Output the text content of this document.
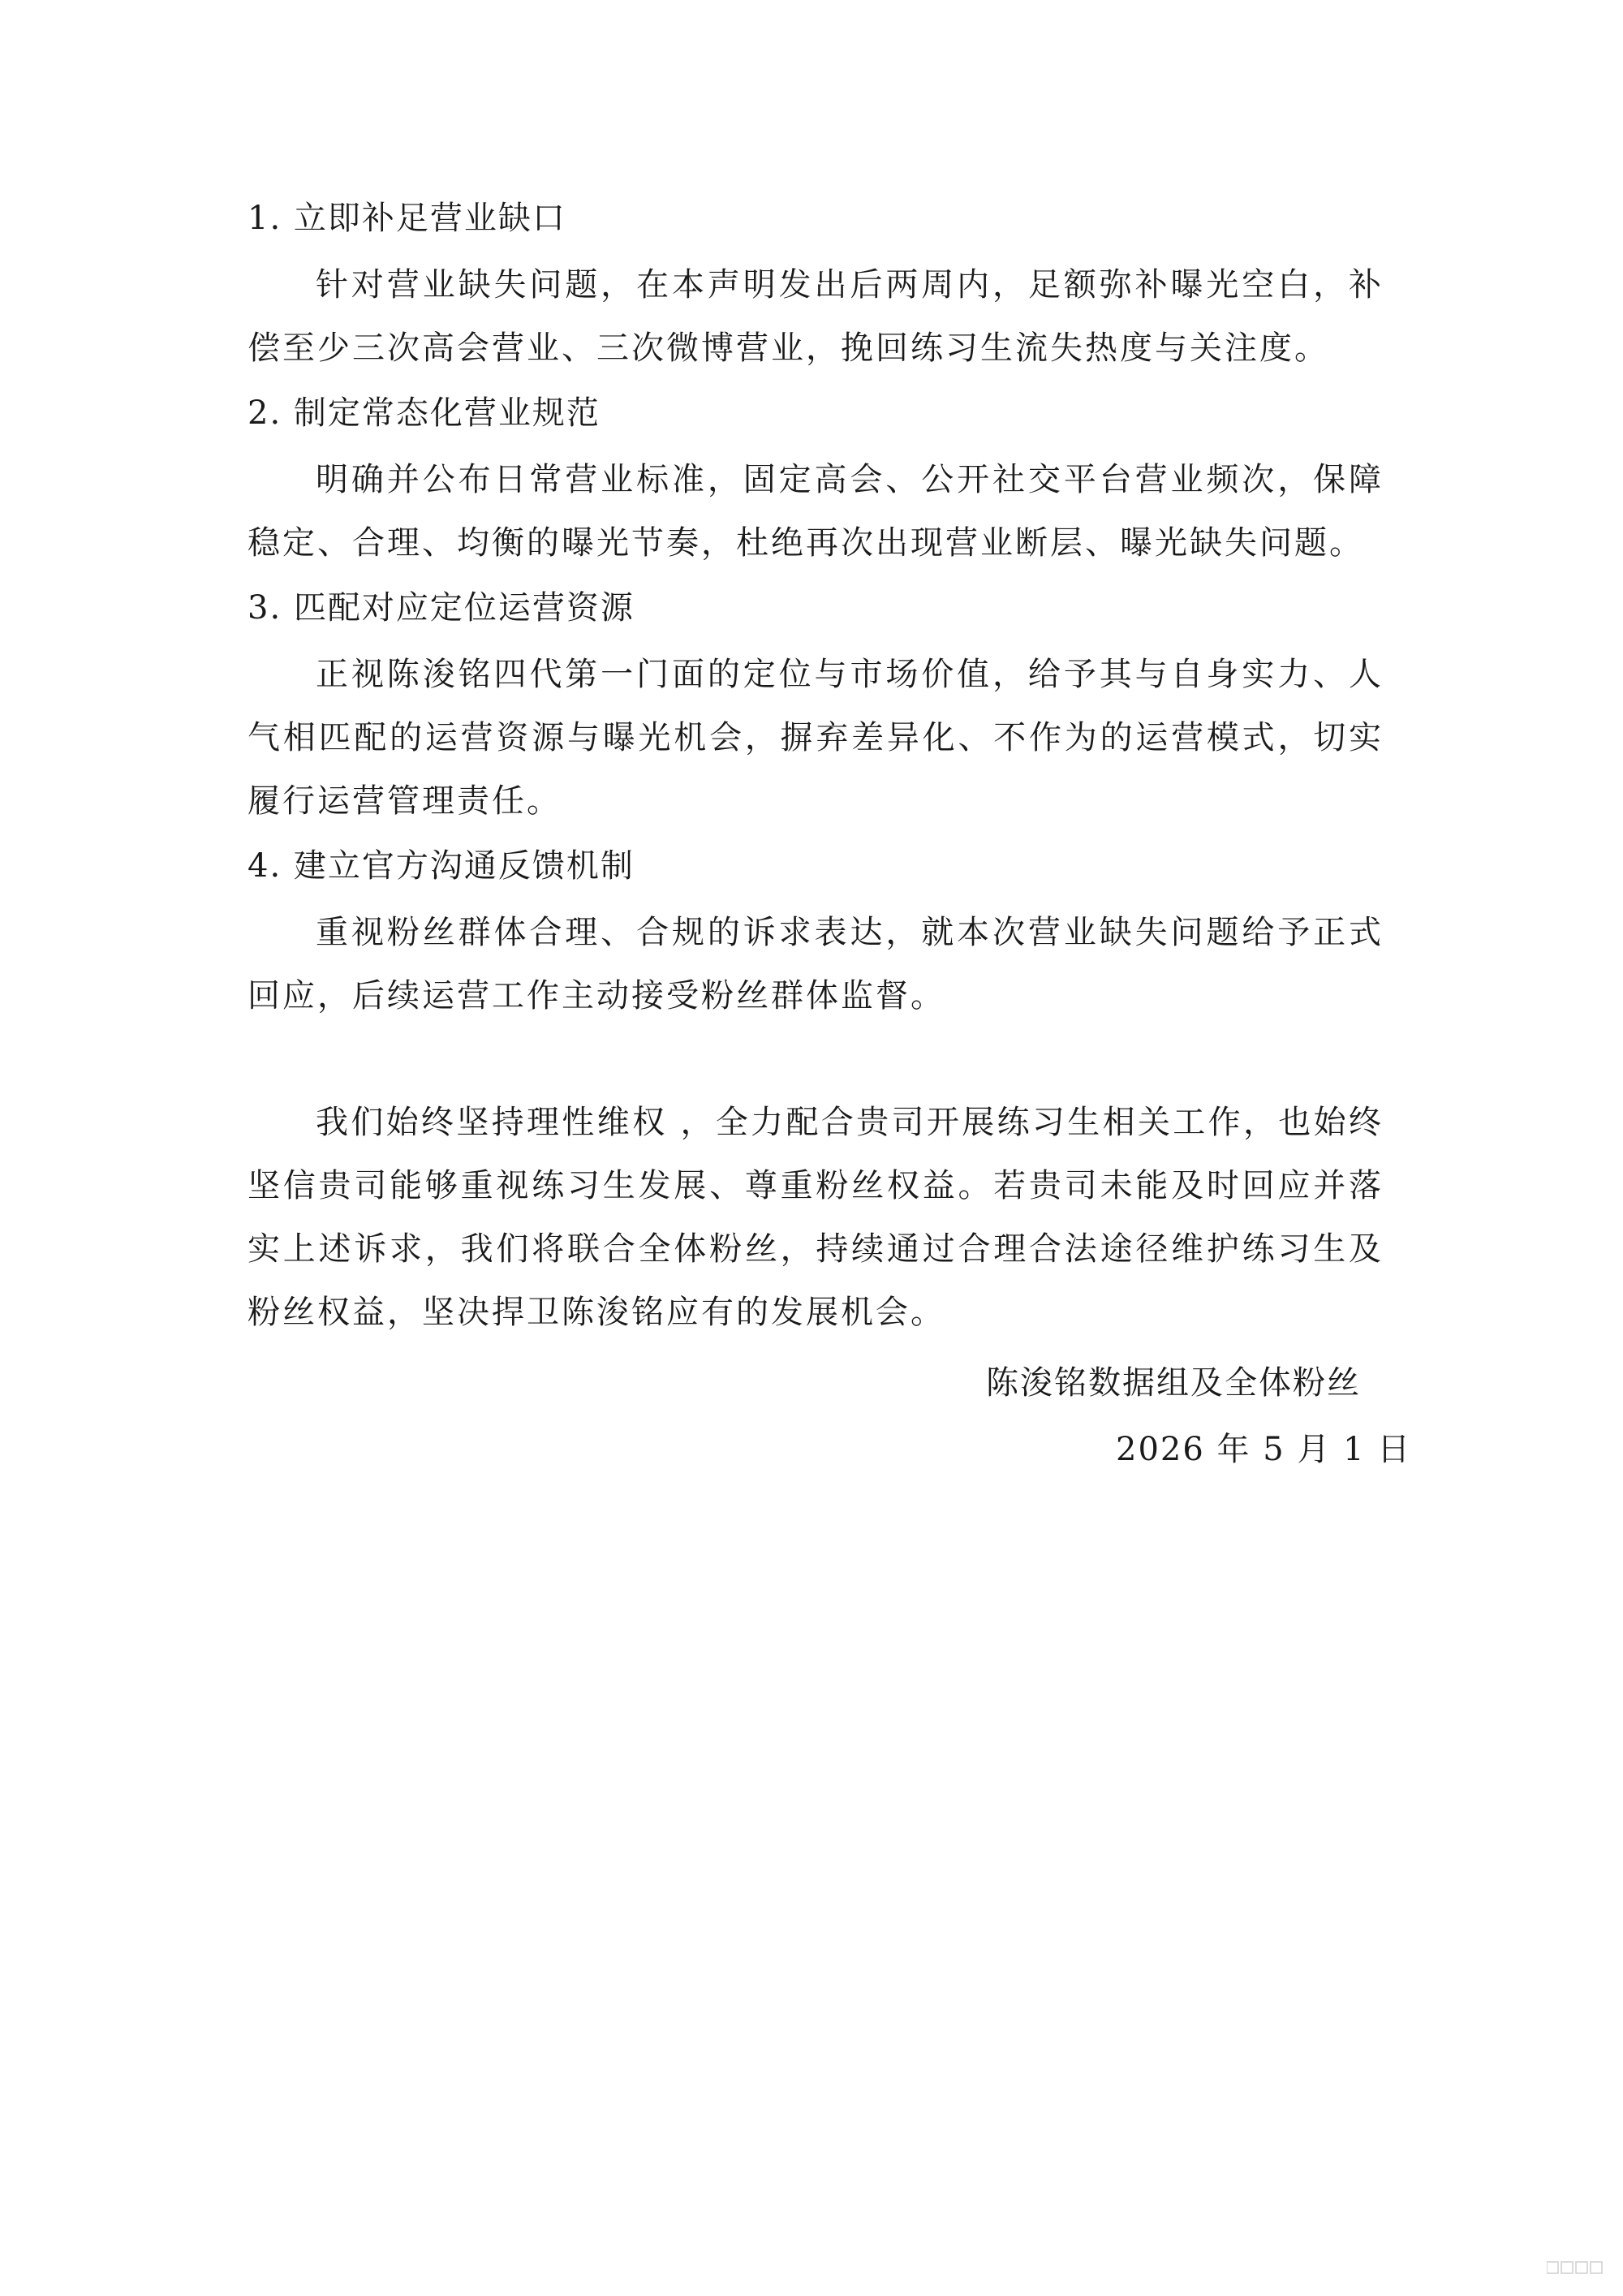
1. 立即补足营业缺口
针对营业缺失问题，在本声明发出后两周内，足额弥补曝光空白，补偿至少三次高会营业、三次微博营业，挽回练习生流失热度与关注度。
2. 制定常态化营业规范
明确并公布日常营业标准，固定高会、公开社交平台营业频次，保障稳定、合理、均衡的曝光节奏，杜绝再次出现营业断层、曝光缺失问题。
3. 匹配对应定位运营资源
正视陈浚铭四代第一门面的定位与市场价值，给予其与自身实力、人气相匹配的运营资源与曝光机会，摒弃差异化、不作为的运营模式，切实履行运营管理责任。
4. 建立官方沟通反馈机制
重视粉丝群体合理、合规的诉求表达，就本次营业缺失问题给予正式回应，后续运营工作主动接受粉丝群体监督。
我们始终坚持理性维权 ，全力配合贵司开展练习生相关工作，也始终坚信贵司能够重视练习生发展、尊重粉丝权益。若贵司未能及时回应并落实上述诉求，我们将联合全体粉丝，持续通过合理合法途径维护练习生及粉丝权益，坚决捍卫陈浚铭应有的发展机会。
陈浚铭数据组及全体粉丝
2026 年 5 月 1 日
